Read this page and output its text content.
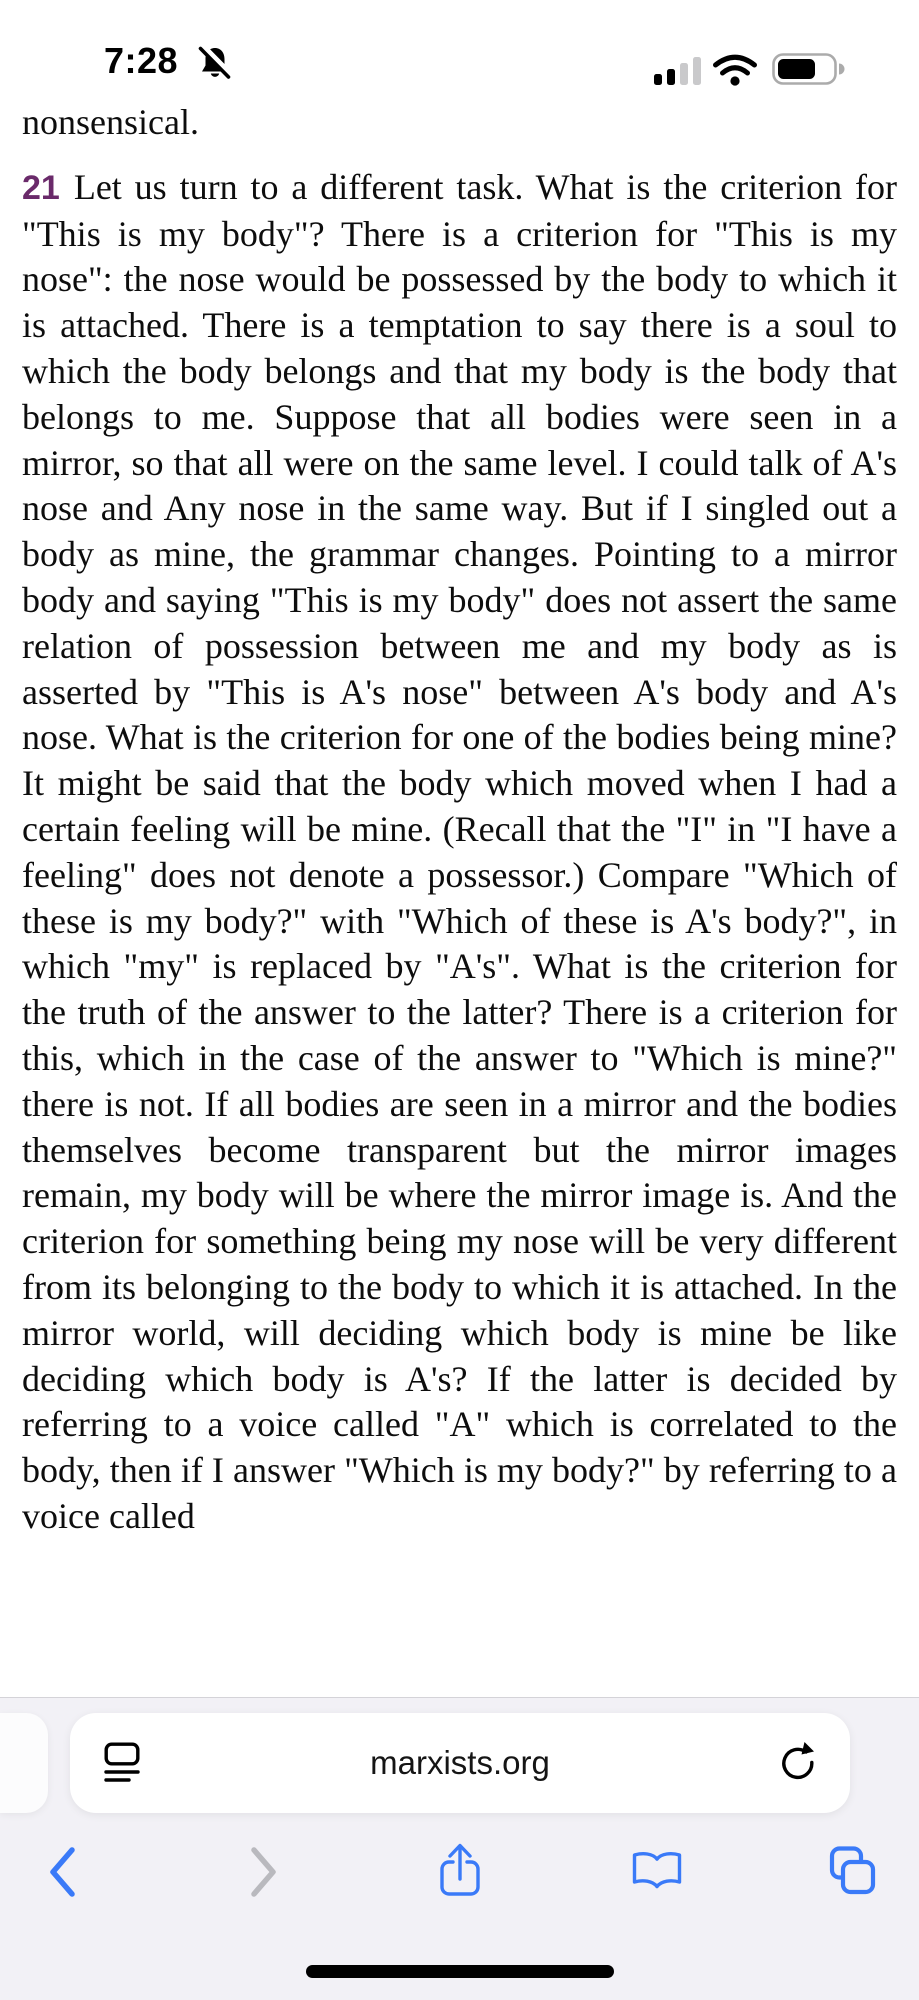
7:28

nonsensical.

21 Let us turn to a different task. What is the criterion for "This is my body"? There is a criterion for "This is my nose": the nose would be possessed by the body to which it is attached. There is a temptation to say there is a soul to which the body belongs and that my body is the body that belongs to me. Suppose that all bodies were seen in a mirror, so that all were on the same level. I could talk of A's nose and Any nose in the same way. But if I singled out a body as mine, the grammar changes. Pointing to a mirror body and saying "This is my body" does not assert the same relation of possession between me and my body as is asserted by "This is A's nose" between A's body and A's nose. What is the criterion for one of the bodies being mine? It might be said that the body which moved when I had a certain feeling will be mine. (Recall that the "I" in "I have a feeling" does not denote a possessor.) Compare "Which of these is my body?" with "Which of these is A's body?", in which "my" is replaced by "A's". What is the criterion for the truth of the answer to the latter? There is a criterion for this, which in the case of the answer to "Which is mine?" there is not. If all bodies are seen in a mirror and the bodies themselves become transparent but the mirror images remain, my body will be where the mirror image is. And the criterion for something being my nose will be very different from its belonging to the body to which it is attached. In the mirror world, will deciding which body is mine be like deciding which body is A's? If the latter is decided by referring to a voice called "A" which is correlated to the body, then if I answer "Which is my body?" by referring to a voice called

marxists.org
